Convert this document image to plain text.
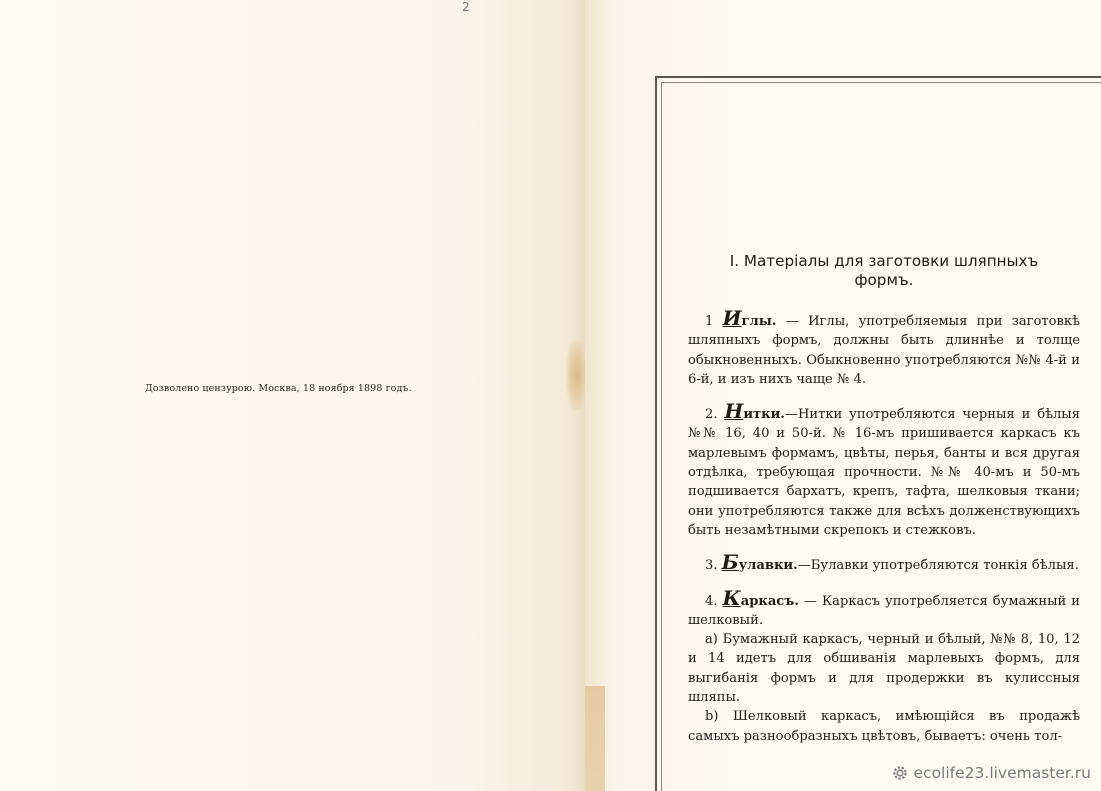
2
Дозволено цензурою. Москва, 18 ноября 1898 годъ.
I. Матеріалы для заготовки шляпныхъ
формъ.

1 Иглы. — Иглы, употребляемыя при заготовкѣ шляпныхъ формъ, должны быть длиннѣе и толще обыкновенныхъ. Обыкновенно употребляются №№ 4-й и 6-й, и изъ нихъ чаще № 4.

2. Нитки.—Нитки употребляются черныя и бѣлыя №№ 16, 40 и 50-й. № 16-мъ пришивается каркасъ къ марлевымъ формамъ, цвѣты, перья, банты и вся другая отдѣлка, требующая прочности. №№ 40-мъ и 50-мъ подшивается бархатъ, крепъ, тафта, шелковыя ткани; они употребляются также для всѣхъ долженствующихъ быть незамѣтными скрепокъ и стежковъ.

3. Булавки.—Булавки употребляются тонкія бѣлыя.

4. Каркасъ. — Каркасъ употребляется бумажный и шелковый.

a) Бумажный каркасъ, черный и бѣлый, №№ 8, 10, 12 и 14 идетъ для обшиванія марлевыхъ формъ, для выгибанія формъ и для продержки въ кулиссныя шляпы.

b) Шелковый каркасъ, имѣющійся въ продажѣ самыхъ разнообразныхъ цвѣтовъ, бываетъ: очень тол-

ecolife23.livemaster.ru
